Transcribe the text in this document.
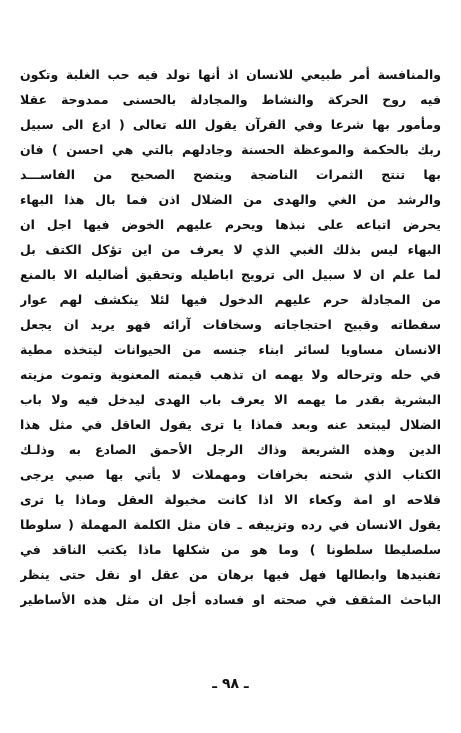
والمنافسة أمر طبيعي للانسان اذ أنها تولد فيه حب الغلبة وتكون
فيه روح الحركة والنشاط والمجادلة بالحسنى ممدوحة عقلا
ومأمور بها شرعا وفي القرآن يقول الله تعالى ( ادع الى سبيل
ربك بالحكمة والموعظة الحسنة وجادلهم بالتي هي احسن ) فان
بها تنتج الثمرات الناضجة ويتضح الصحيح من الفاســـد
والرشد من الغي والهدى من الضلال اذن فما بال هذا البهاء
يحرض اتباعه على نبذها ويحرم عليهم الخوض فيها اجل ان
البهاء ليس بذلك الغبي الذي لا يعرف من اين تؤكل الكتف بل
لما علم ان لا سبيل الى ترويج اباطيله وتحقيق أضاليله الا بالمنع
من المجادلة حرم عليهم الدخول فيها لئلا ينكشف لهم عوار
سفطاته وقبيح احتجاجاته وسخافات آرائه فهو يريد ان يجعل
الانسان مساويا لسائر ابناء جنسه من الحيوانات ليتخذه مطية
في حله وترحاله ولا يهمه ان تذهب قيمته المعنوية وتموت مزيته
البشرية بقدر ما يهمه الا يعرف باب الهدى ليدخل فيه ولا باب
الضلال ليبتعد عنه وبعد فماذا يا ترى يقول العاقل في مثل هذا
الدين وهذه الشريعة وذاك الرجل الأحمق الصادع به وذلـك
الكتاب الذي شحنه بخرافات ومهملات لا يأتي بها صبي يرجى
فلاحه او امة وكعاء الا اذا كانت مخبولة العقل وماذا يا ترى
يقول الانسان في رده وتزييفه ـ فان مثل الكلمة المهملة ( سلوطا
سلصليطا سلطونا ) وما هو من شكلها ماذا يكتب الناقد في
تفنيدها وابطالها فهل فيها برهان من عقل او نقل حتى ينظر
الباحث المثقف في صحته او فساده أجل ان مثل هذه الأساطير
ـ ٩٨ ـ
